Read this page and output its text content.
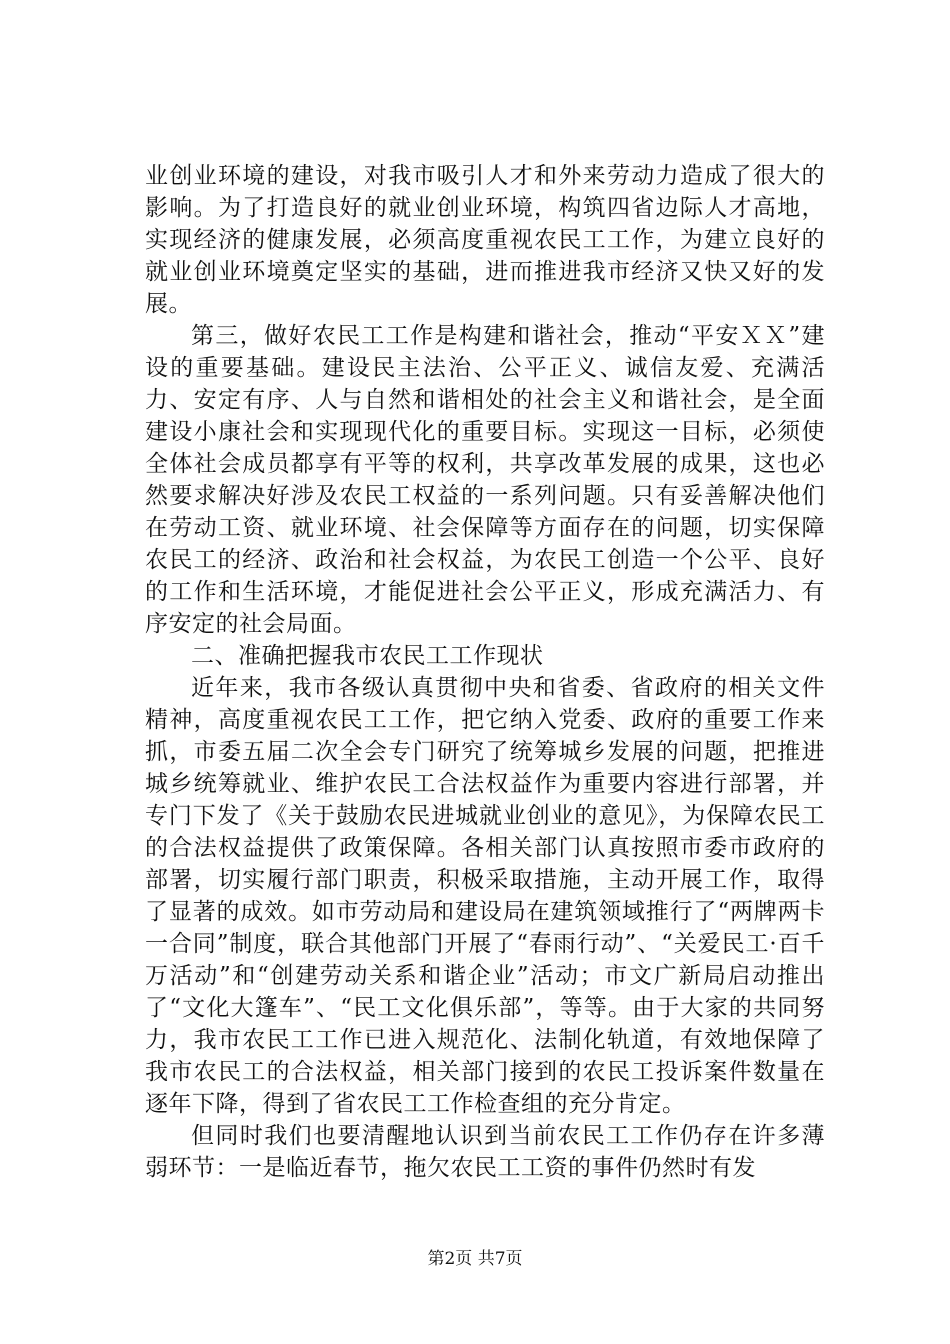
业创业环境的建设，对我市吸引人才和外来劳动力造成了很大的影响。为了打造良好的就业创业环境，构筑四省边际人才高地，实现经济的健康发展，必须高度重视农民工工作，为建立良好的就业创业环境奠定坚实的基础，进而推进我市经济又快又好的发展。

第三，做好农民工工作是构建和谐社会，推动“平安ＸＸ”建设的重要基础。建设民主法治、公平正义、诚信友爱、充满活力、安定有序、人与自然和谐相处的社会主义和谐社会，是全面建设小康社会和实现现代化的重要目标。实现这一目标，必须使全体社会成员都享有平等的权利，共享改革发展的成果，这也必然要求解决好涉及农民工权益的一系列问题。只有妥善解决他们在劳动工资、就业环境、社会保障等方面存在的问题，切实保障农民工的经济、政治和社会权益，为农民工创造一个公平、良好的工作和生活环境，才能促进社会公平正义，形成充满活力、有序安定的社会局面。

二、准确把握我市农民工工作现状

近年来，我市各级认真贯彻中央和省委、省政府的相关文件精神，高度重视农民工工作，把它纳入党委、政府的重要工作来抓，市委五届二次全会专门研究了统筹城乡发展的问题，把推进城乡统筹就业、维护农民工合法权益作为重要内容进行部署，并专门下发了《关于鼓励农民进城就业创业的意见》，为保障农民工的合法权益提供了政策保障。各相关部门认真按照市委市政府的部署，切实履行部门职责，积极采取措施，主动开展工作，取得了显著的成效。如市劳动局和建设局在建筑领域推行了“两牌两卡一合同”制度，联合其他部门开展了“春雨行动”、“关爱民工·百千万活动”和“创建劳动关系和谐企业”活动；市文广新局启动推出了“文化大篷车”、“民工文化俱乐部”，等等。由于大家的共同努力，我市农民工工作已进入规范化、法制化轨道，有效地保障了我市农民工的合法权益，相关部门接到的农民工投诉案件数量在逐年下降，得到了省农民工工作检查组的充分肯定。

但同时我们也要清醒地认识到当前农民工工作仍存在许多薄弱环节：一是临近春节，拖欠农民工工资的事件仍然时有发

第2页 共7页
